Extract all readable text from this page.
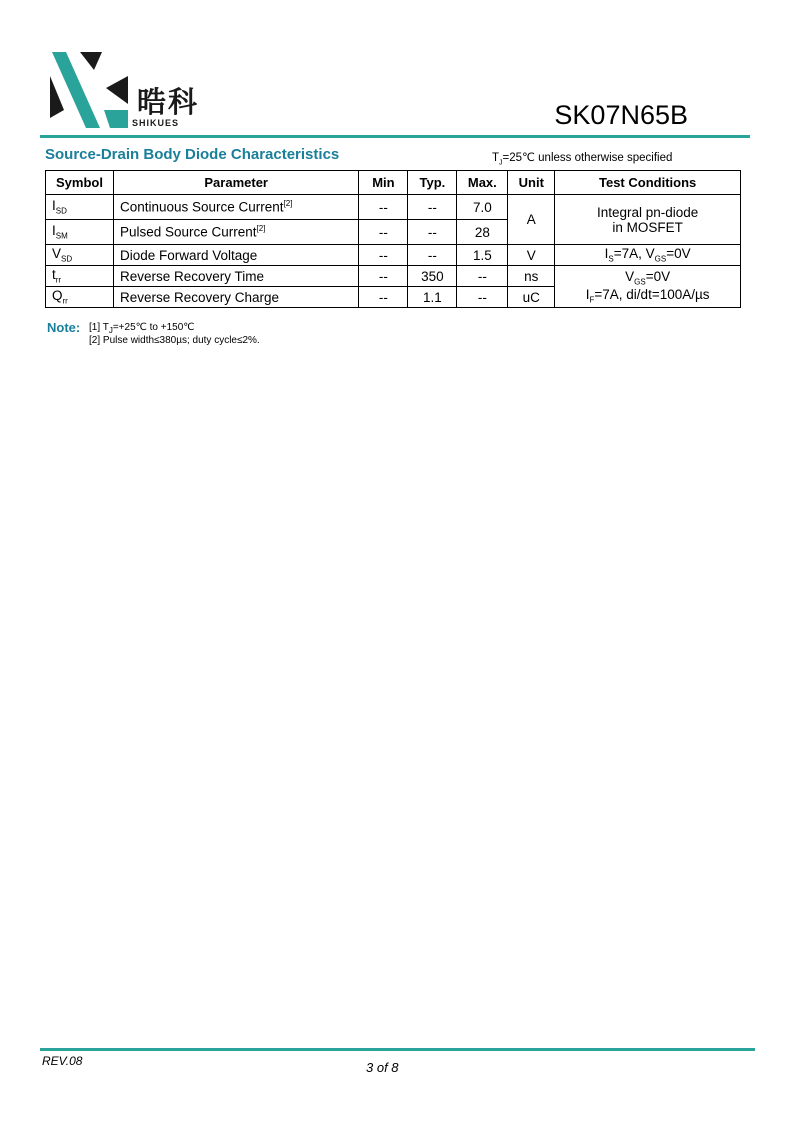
晧科
SHIKUES	SK07N65B
Source-Drain Body Diode Characteristics	$T_J=25℃$ unless otherwise specified
Symbol	Parameter	Min	Typ.	Max.	Unit	Test Conditions
$I_{SD}$	Continuous Source Current[2]	--	--	7.0	A	Integral pn-diode
in MOSFET
$I_{SM}$	Pulsed Source Current[2]	--	--	28		
$V_{SD}$	Diode Forward Voltage	--	--	1.5	V	$I_S=7A$, $V_{GS}=0V$
$t_{rr}$	Reverse Recovery Time	--	350	--	ns	$V_{GS}=0V$
$I_F=7A$, di/dt=100A/µs
$Q_{rr}$	Reverse Recovery Charge	--	1.1	--	uC	
Note: [1] $T_J=+25℃$ to +150℃
[2] Pulse width≤380µs; duty cycle≤2%.
REV.08	3 of 8
